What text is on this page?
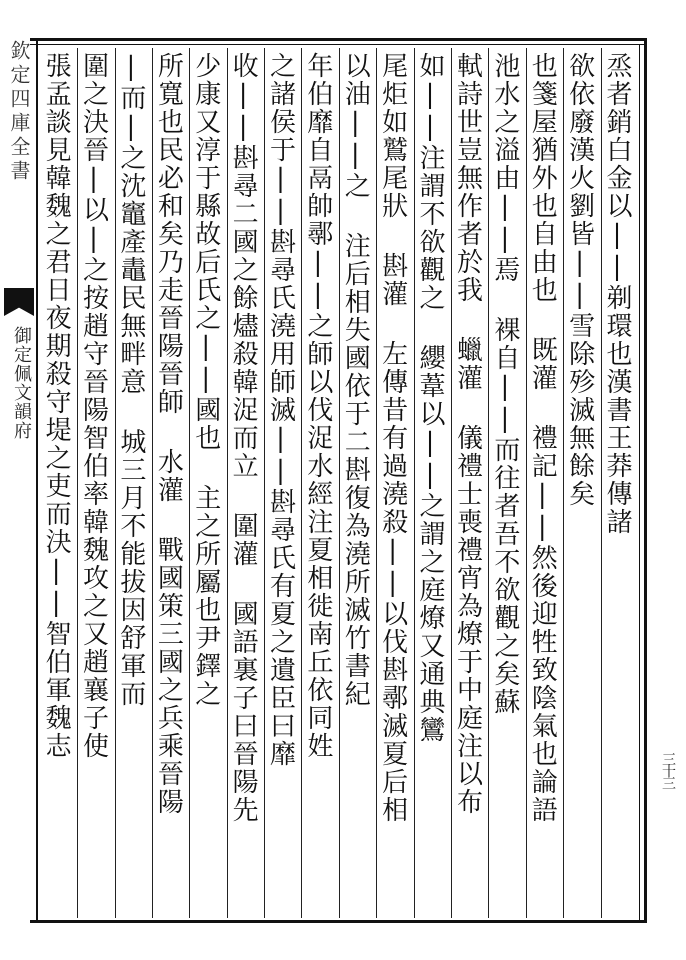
欽定四庫全書
御定佩文韻府	烝者銷白金以||剃環也漢書王莽傳諸
欲依廢漢火劉皆||雪除殄滅無餘矣
也箋屋猶外也自由也 既灌 禮記||然後迎牲致陰氣也論語
池水之溢由||焉 裸自||而往者吾不欲觀之矣蘇
軾詩世豈無作者於我 蠟灌 儀禮士喪禮宵為燎于中庭注以布
如||注謂不欲觀之 纓葦以||之謂之庭燎又通典鸞
尾炬如鷲尾狀 斟灌 左傳昔有過澆殺||以伐斟鄩滅夏后相
以油||之 注后相失國依于二斟復為澆所滅竹書紀
年伯靡自鬲帥鄩||之師以伐浞水經注夏相徙南丘依同姓
之諸侯于||斟尋氏澆用師滅||斟尋氏有夏之遺臣曰靡
收||斟尋二國之餘燼殺韓浞而立 圍灌 國語裏子曰晉陽先
少康又淳于縣故后氏之||國也 主之所屬也尹鐸之
所寬也民必和矣乃走晉陽晉師 水灌 戰國策三國之兵乘晉陽
|而|之沈竈產鼃民無畔意 城三月不能拔因舒軍而
圍之決晉|以|之按趙守晉陽智伯率韓魏攻之又趙襄子使
張孟談見韓魏之君日夜期殺守堤之吏而決||智伯軍魏志
三十三
